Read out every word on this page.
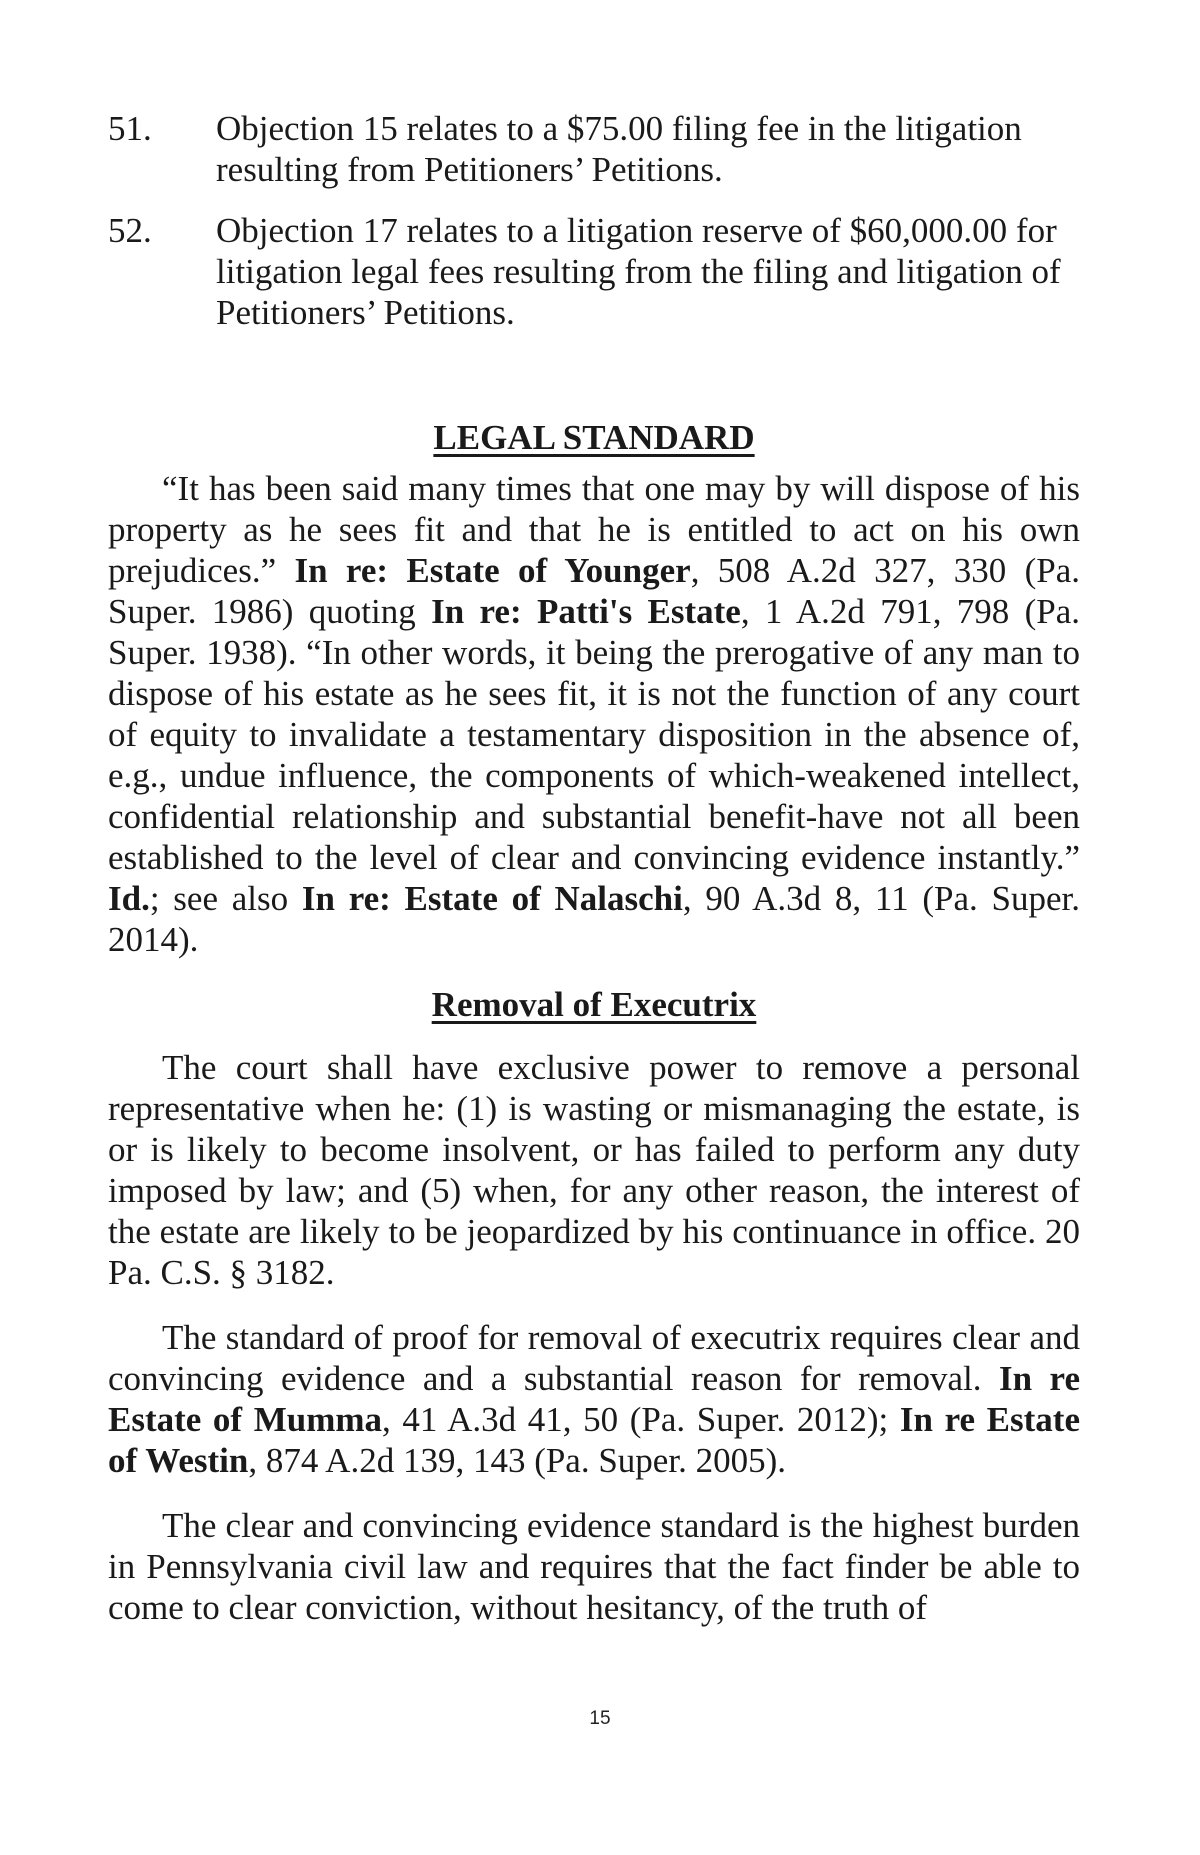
51.	Objection 15 relates to a $75.00 filing fee in the litigation resulting from Petitioners’ Petitions.
52.	Objection 17 relates to a litigation reserve of $60,000.00 for litigation legal fees resulting from the filing and litigation of Petitioners’ Petitions.
LEGAL STANDARD

“It has been said many times that one may by will dispose of his property as he sees fit and that he is entitled to act on his own prejudices.” In re: Estate of Younger, 508 A.2d 327, 330 (Pa. Super. 1986) quoting In re: Patti's Estate, 1 A.2d 791, 798 (Pa. Super. 1938). “In other words, it being the prerogative of any man to dispose of his estate as he sees fit, it is not the function of any court of equity to invalidate a testamentary disposition in the absence of, e.g., undue influence, the components of which-weakened intellect, confidential relationship and substantial benefit-have not all been established to the level of clear and convincing evidence instantly.” Id.; see also In re: Estate of Nalaschi, 90 A.3d 8, 11 (Pa. Super. 2014).

Removal of Executrix

The court shall have exclusive power to remove a personal representative when he: (1) is wasting or mismanaging the estate, is or is likely to become insolvent, or has failed to perform any duty imposed by law; and (5) when, for any other reason, the interest of the estate are likely to be jeopardized by his continuance in office. 20 Pa. C.S. § 3182.

The standard of proof for removal of executrix requires clear and convincing evidence and a substantial reason for removal. In re Estate of Mumma, 41 A.3d 41, 50 (Pa. Super. 2012); In re Estate of Westin, 874 A.2d 139, 143 (Pa. Super. 2005).

The clear and convincing evidence standard is the highest burden in Pennsylvania civil law and requires that the fact finder be able to come to clear conviction, without hesitancy, of the truth of

15
